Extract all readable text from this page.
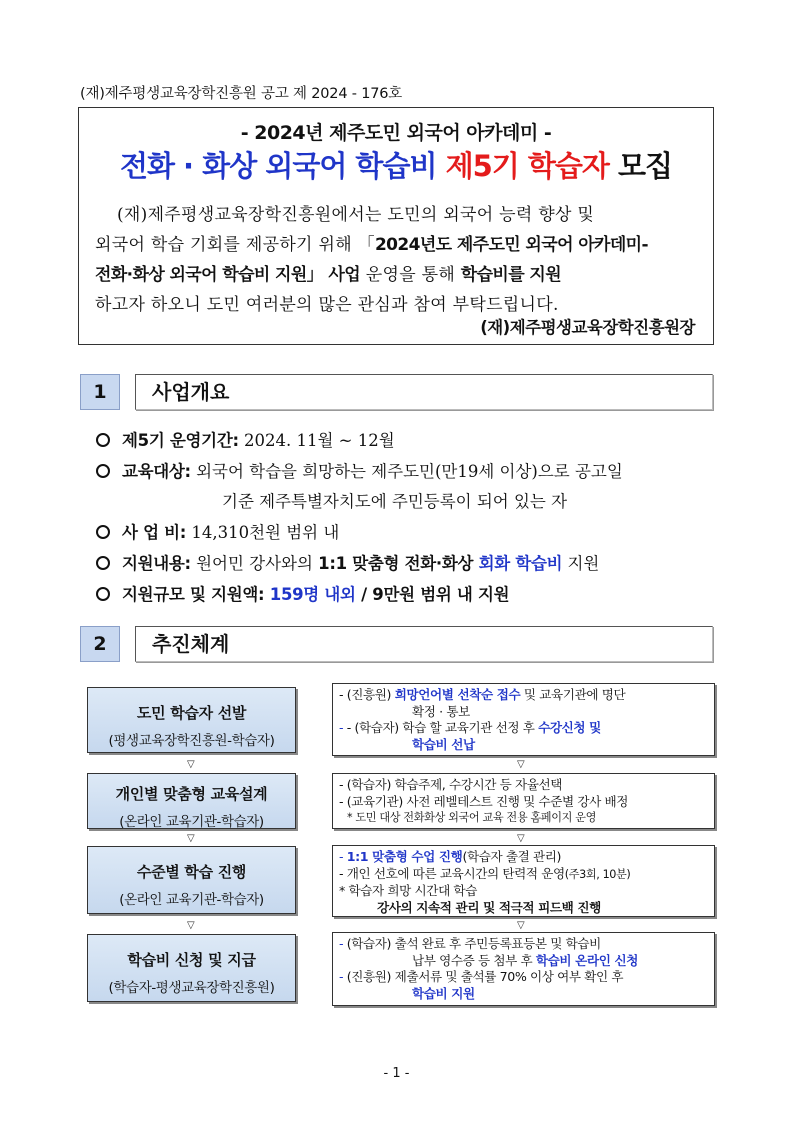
(재)제주평생교육장학진흥원 공고 제 2024 - 176호
- 2024년 제주도민 외국어 아카데미 -
전화 · 화상 외국어 학습비 제5기 학습자 모집
(재)제주평생교육장학진흥원에서는 도민의 외국어 능력 향상 및
외국어 학습 기회를 제공하기 위해 「2024년도 제주도민 외국어 아카데미-
전화·화상 외국어 학습비 지원」 사업 운영을 통해 학습비를 지원
하고자 하오니 도민 여러분의 많은 관심과 참여 부탁드립니다.
(재)제주평생교육장학진흥원장
1	사업개요
제5기 운영기간: 2024. 11월 ~ 12월
교육대상: 외국어 학습을 희망하는 제주도민(만19세 이상)으로 공고일
기준 제주특별자치도에 주민등록이 되어 있는 자
사 업 비: 14,310천원 범위 내
지원내용: 원어민 강사와의 1:1 맞춤형 전화·화상 회화 학습비 지원
지원규모 및 지원액: 159명 내외 / 9만원 범위 내 지원
2	추진체계
도민 학습자 선발
(평생교육장학진흥원-학습자)
- (진흥원) 희망언어별 선착순 접수 및 교육기관에 명단
확정 · 통보
- - (학습자) 학습 할 교육기관 선정 후 수강신청 및
학습비 선납
▽	▽
개인별 맞춤형 교육설계
(온라인 교육기관-학습자)
- (학습자) 학습주제, 수강시간 등 자율선택
- (교육기관) 사전 레벨테스트 진행 및 수준별 강사 배정
* 도민 대상 전화화상 외국어 교육 전용 홈페이지 운영
▽	▽
수준별 학습 진행
(온라인 교육기관-학습자)
- 1:1 맞춤형 수업 진행(학습자 출결 관리)
- 개인 선호에 따른 교육시간의 탄력적 운영(주3회, 10분)
* 학습자 희망 시간대 학습
강사의 지속적 관리 및 적극적 피드백 진행
▽	▽
학습비 신청 및 지급
(학습자-평생교육장학진흥원)
- (학습자) 출석 완료 후 주민등록표등본 및 학습비
납부 영수증 등 첨부 후 학습비 온라인 신청
- (진흥원) 제출서류 및 출석률 70% 이상 여부 확인 후
학습비 지원
- 1 -
